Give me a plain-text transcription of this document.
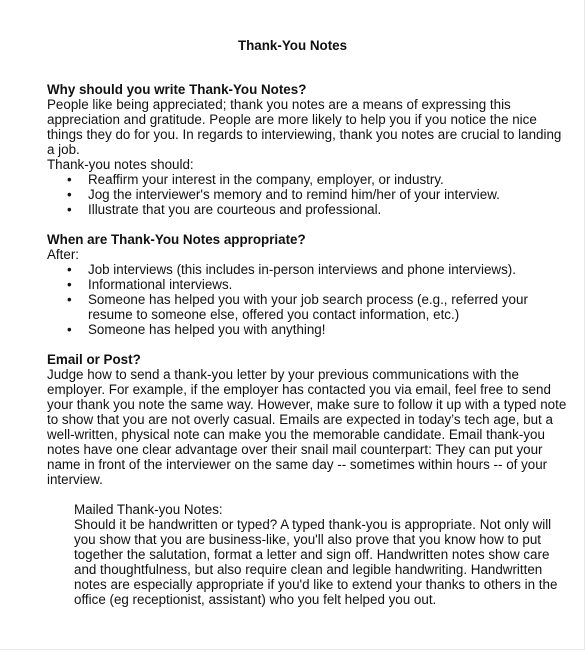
Thank-You Notes
Why should you write Thank-You Notes?

People like being appreciated; thank you notes are a means of expressing this appreciation and gratitude. People are more likely to help you if you notice the nice things they do for you. In regards to interviewing, thank you notes are crucial to landing a job.

Thank-you notes should:

• Reaffirm your interest in the company, employer, or industry.
• Jog the interviewer's memory and to remind him/her of your interview.
• Illustrate that you are courteous and professional.
When are Thank-You Notes appropriate?

After:

• Job interviews (this includes in-person interviews and phone interviews).
• Informational interviews.
• Someone has helped you with your job search process (e.g., referred your resume to someone else, offered you contact information, etc.)
• Someone has helped you with anything!
Email or Post?

Judge how to send a thank-you letter by your previous communications with the employer. For example, if the employer has contacted you via email, feel free to send your thank you note the same way. However, make sure to follow it up with a typed note to show that you are not overly casual. Emails are expected in today’s tech age, but a well-written, physical note can make you the memorable candidate. Email thank-you notes have one clear advantage over their snail mail counterpart: They can put your name in front of the interviewer on the same day -- sometimes within hours -- of your interview.

Mailed Thank-you Notes:

Should it be handwritten or typed? A typed thank-you is appropriate. Not only will you show that you are business-like, you'll also prove that you know how to put together the salutation, format a letter and sign off. Handwritten notes show care and thoughtfulness, but also require clean and legible handwriting. Handwritten notes are especially appropriate if you'd like to extend your thanks to others in the office (eg receptionist, assistant) who you felt helped you out.
